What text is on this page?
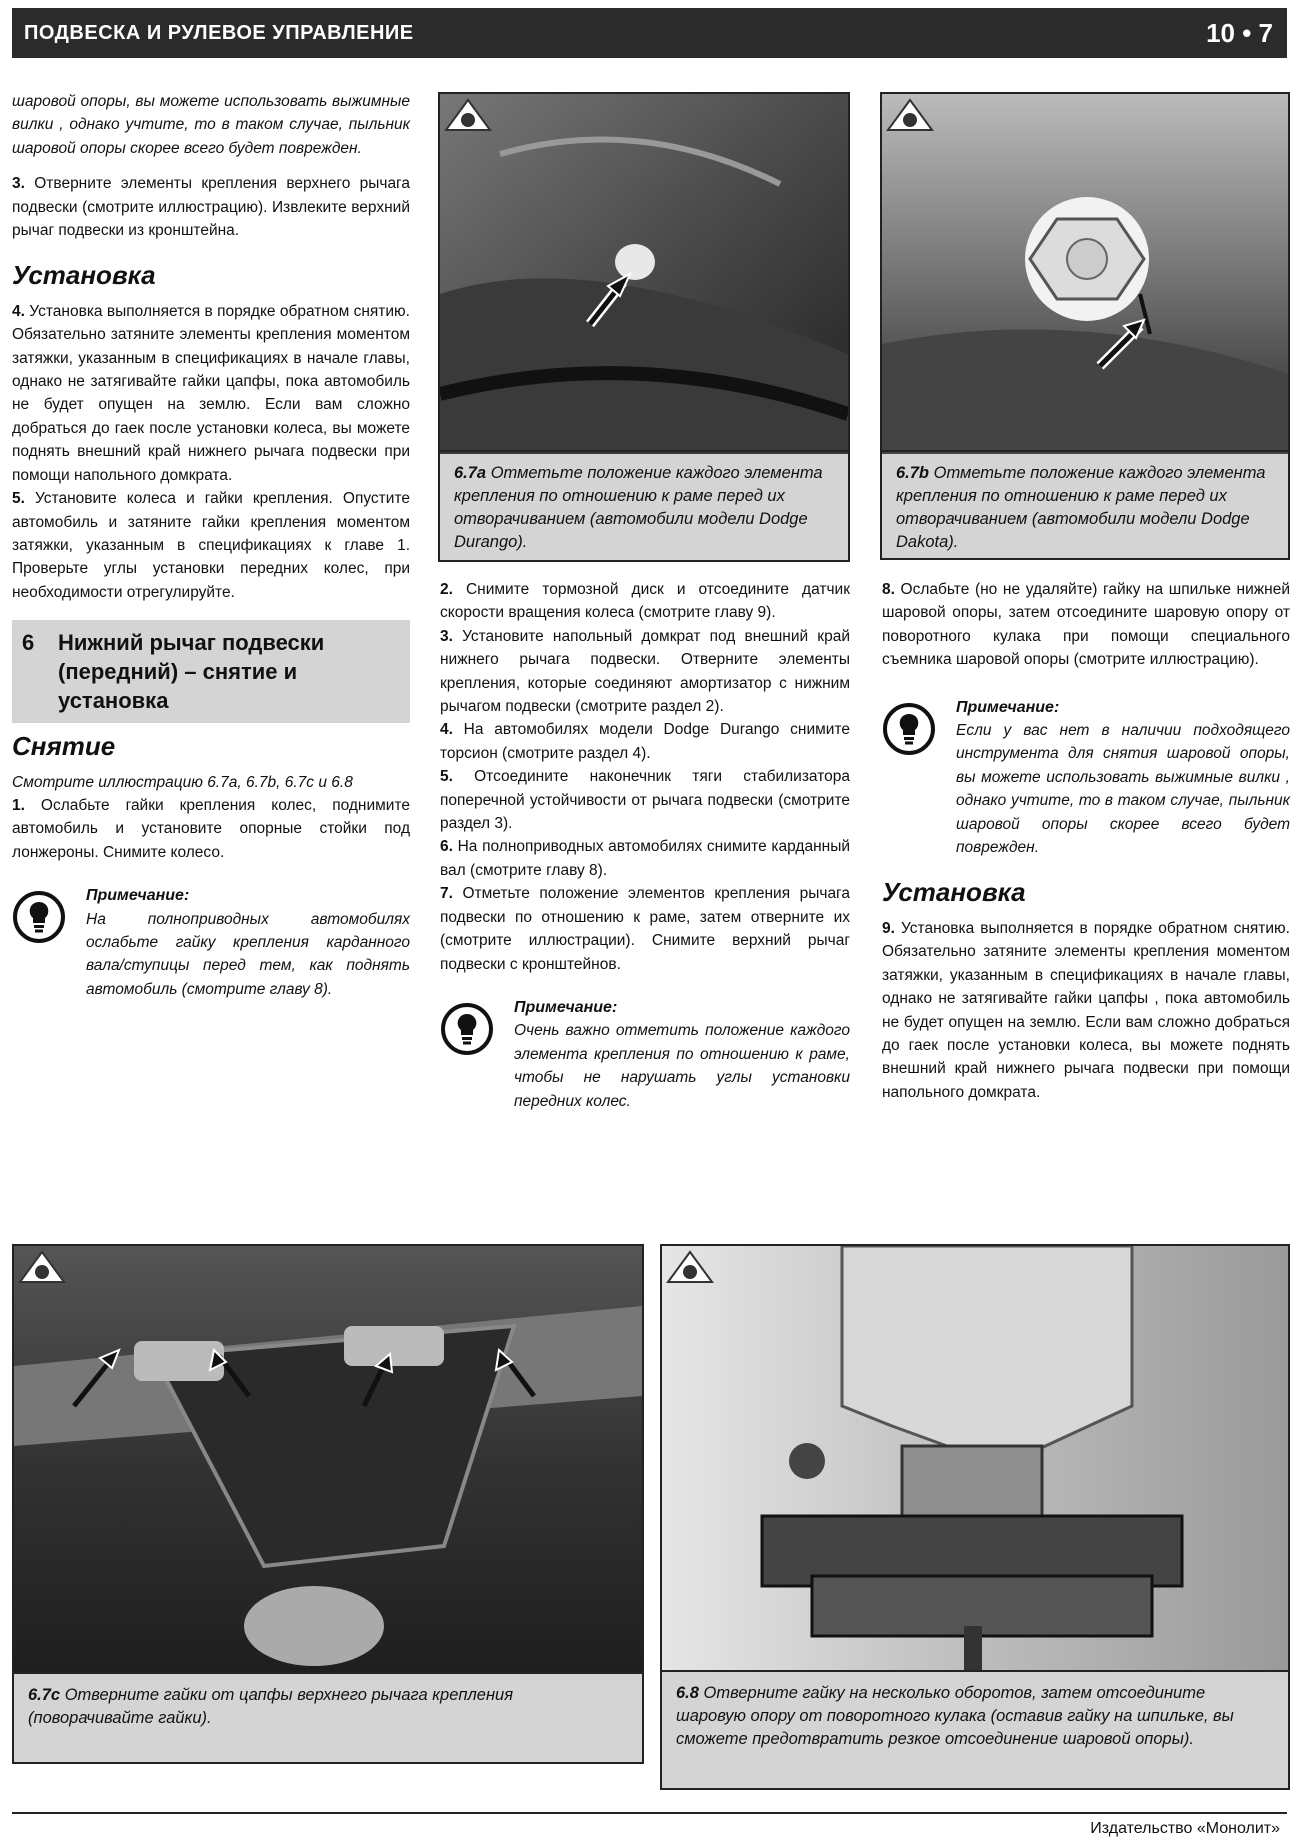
ПОДВЕСКА И РУЛЕВОЕ УПРАВЛЕНИЕ	10 • 7

шаровой опоры, вы можете использовать выжимные вилки , однако учтите, то в таком случае, пыльник шаровой опоры скорее всего будет поврежден.

3. Отверните элементы крепления верхнего рычага подвески (смотрите иллюстрацию). Извлеките верхний рычаг подвески из кронштейна.

Установка

4. Установка выполняется в порядке обратном снятию. Обязательно затяните элементы крепления моментом затяжки, указанным в спецификациях в начале главы, однако не затягивайте гайки цапфы, пока автомобиль не будет опущен на землю. Если вам сложно добраться до гаек после установки колеса, вы можете поднять внешний край нижнего рычага подвески при помощи напольного домкрата.

5. Установите колеса и гайки крепления. Опустите автомобиль и затяните гайки крепления моментом затяжки, указанным в спецификациях к главе 1. Проверьте углы установки передних колес, при необходимости отрегулируйте.

6	Нижний рычаг подвески (передний) – снятие и установка
Снятие

Смотрите иллюстрацию 6.7a, 6.7b, 6.7c и 6.8

1. Ослабьте гайки крепления колес, поднимите автомобиль и установите опорные стойки под лонжероны. Снимите колесо.

Примечание:
На полноприводных автомобилях ослабьте гайку крепления карданного вала/ступицы перед тем, как поднять автомобиль (смотрите главу 8).

2. Снимите тормозной диск и отсоедините датчик скорости вращения колеса (смотрите главу 9).

3. Установите напольный домкрат под внешний край нижнего рычага подвески. Отверните элементы крепления, которые соединяют амортизатор с нижним рычагом подвески (смотрите раздел 2).

4. На автомобилях модели Dodge Durango снимите торсион (смотрите раздел 4).

5. Отсоедините наконечник тяги стабилизатора поперечной устойчивости от рычага подвески (смотрите раздел 3).

6. На полноприводных автомобилях снимите карданный вал (смотрите главу 8).

7. Отметьте положение элементов крепления рычага подвески по отношению к раме, затем отверните их (смотрите иллюстрации). Снимите верхний рычаг подвески с кронштейнов.

Примечание:
Очень важно отметить положение каждого элемента крепления по отношению к раме, чтобы не нарушать углы установки передних колес.

8. Ослабьте (но не удаляйте) гайку на шпильке нижней шаровой опоры, затем отсоедините шаровую опору от поворотного кулака при помощи специального съемника шаровой опоры (смотрите иллюстрацию).

Примечание:
Если у вас нет в наличии подходящего инструмента для снятия шаровой опоры, вы можете использовать выжимные вилки , однако учтите, то в таком случае, пыльник шаровой опоры скорее всего будет поврежден.
Установка

9. Установка выполняется в порядке обратном снятию. Обязательно затяните элементы крепления моментом затяжки, указанным в спецификациях в начале главы, однако не затягивайте гайки цапфы , пока автомобиль не будет опущен на землю. Если вам сложно добраться до гаек после установки колеса, вы можете поднять внешний край нижнего рычага подвески при помощи напольного домкрата.

6.7a Отметьте положение каждого элемента крепления по отношению к раме перед их отворачиванием (автомобили модели Dodge Durango).
6.7b Отметьте положение каждого элемента крепления по отношению к раме перед их отворачиванием (автомобили модели Dodge Dakota).
6.7c Отверните гайки от цапфы верхнего рычага крепления (поворачивайте гайки).
6.8 Отверните гайку на несколько оборотов, затем отсоедините шаровую опору от поворотного кулака (оставив гайку на шпильке, вы сможете предотвратить резкое отсоединение шаровой опоры).
Издательство «Монолит»
